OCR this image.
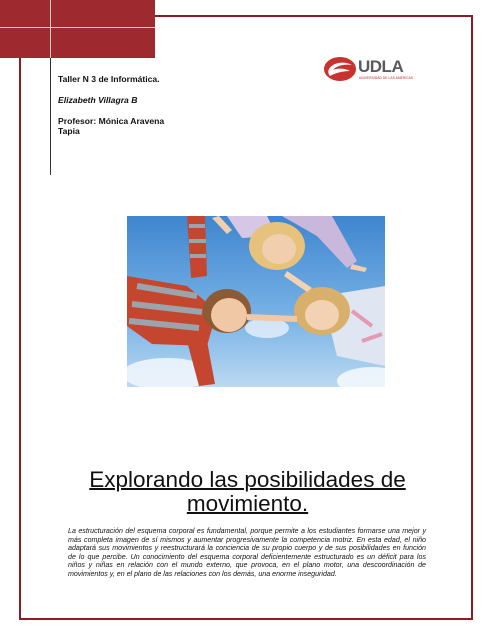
Taller N 3 de Informática.

Elizabeth Villagra B

Profesor: Mónica Aravena Tapia

UDLA
UNIVERSIDAD DE LAS AMÉRICAS
Explorando las posibilidades de movimiento.

La estructuración del esquema corporal es fundamental, porque permite a los estudiantes formarse una mejor y más completa imagen de sí mismos y aumentar progresivamente la competencia motriz. En esta edad, el niño adaptará sus movimientos y reestructurará la conciencia de su propio cuerpo y de sus posibilidades en función de lo que percibe. Un conocimiento del esquema corporal deficientemente estructurado es un déficit para los niños y niñas en relación con el mundo externo, que provoca, en el plano motor, una descoordinación de movimientos y, en el plano de las relaciones con los demás, una enorme inseguridad.
